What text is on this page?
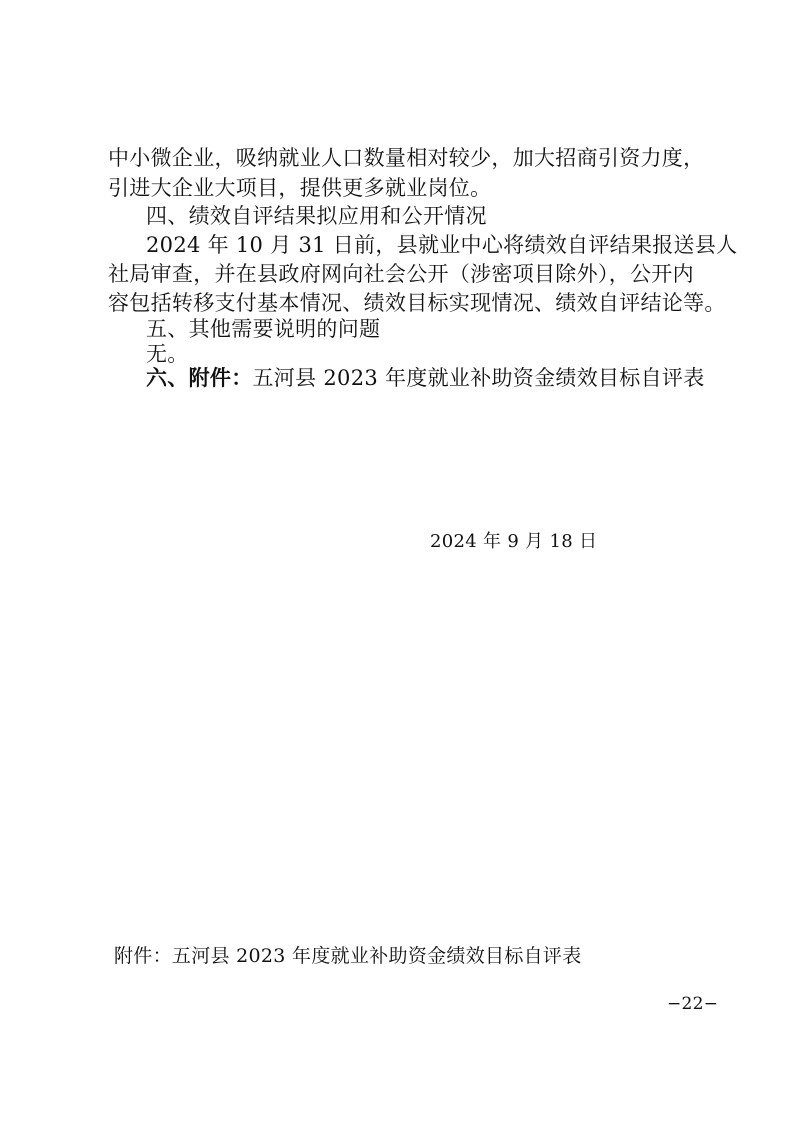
中小微企业，吸纳就业人口数量相对较少，加大招商引资力度，
引进大企业大项目，提供更多就业岗位。
四、绩效自评结果拟应用和公开情况
2024 年 10 月 31 日前，县就业中心将绩效自评结果报送县人
社局审查，并在县政府网向社会公开（涉密项目除外），公开内
容包括转移支付基本情况、绩效目标实现情况、绩效自评结论等。
五、其他需要说明的问题
无。
六、附件：五河县 2023 年度就业补助资金绩效目标自评表
2024 年 9 月 18 日
附件：五河县 2023 年度就业补助资金绩效目标自评表
−22−
